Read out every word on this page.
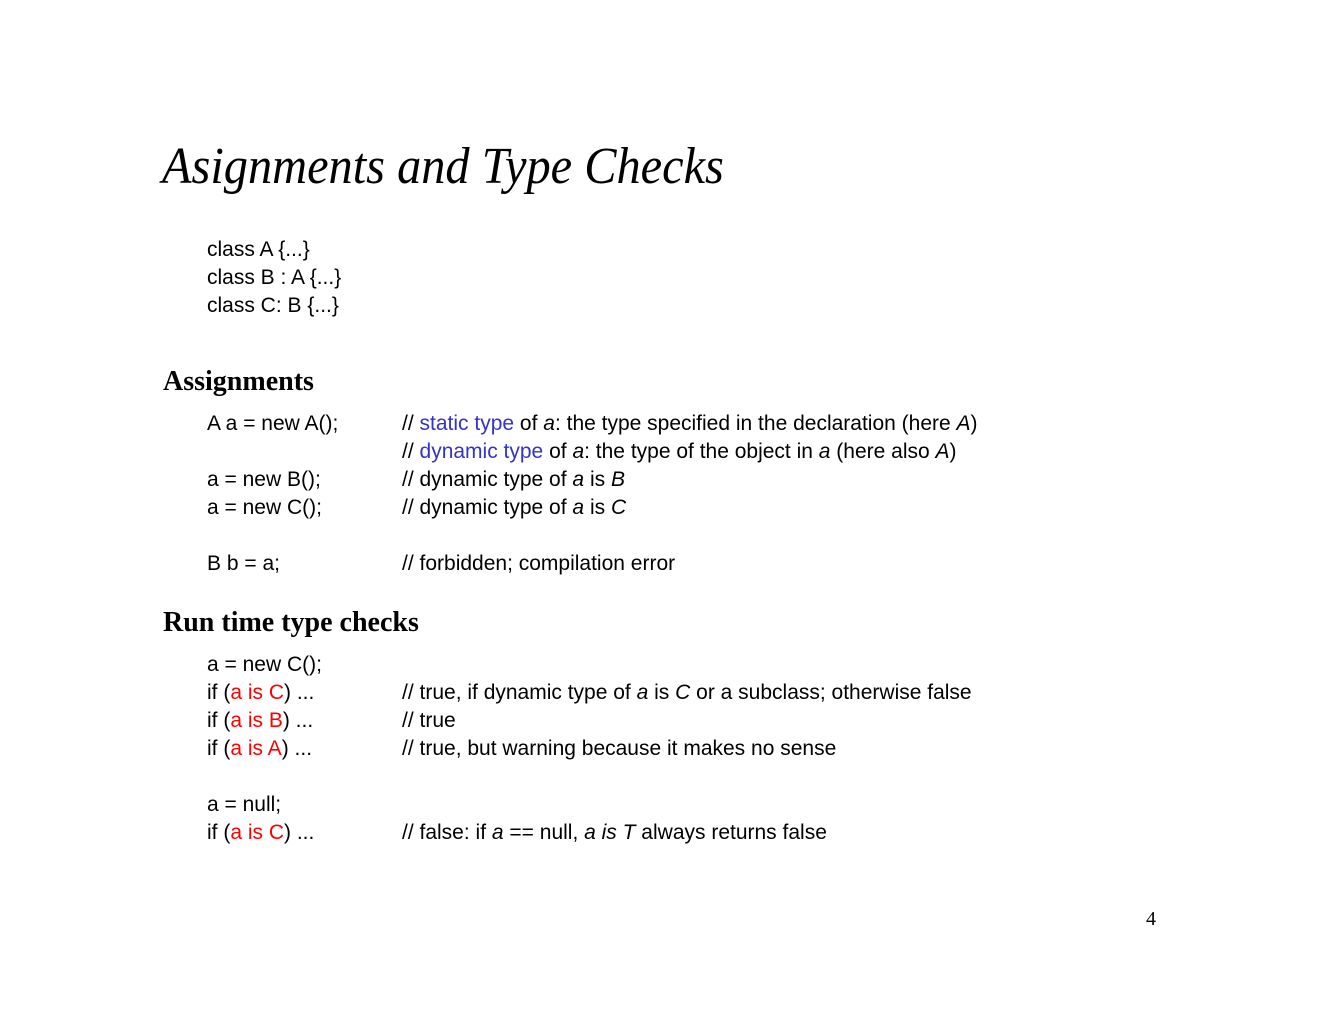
Asignments and Type Checks
class A {...}
class B : A {...}
class C: B {...}
Assignments
A a = new A();	// static type of a: the type specified in the declaration (here A)
// dynamic type of a: the type of the object in a (here also A)
a = new B();	// dynamic type of a is B
a = new C();	// dynamic type of a is C
B b = a;	// forbidden; compilation error
Run time type checks
a = new C();
if (a is C) ...	// true, if dynamic type of a is C or a subclass; otherwise false
if (a is B) ...	// true
if (a is A) ...	// true, but warning because it makes no sense
a = null;
if (a is C) ...	// false: if a == null, a is T always returns false
4
